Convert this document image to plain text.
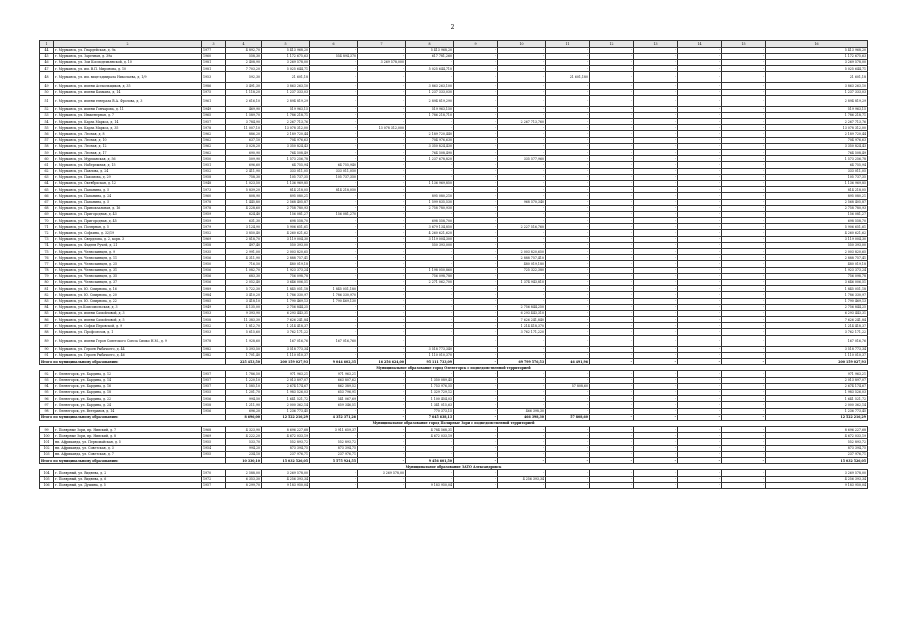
2
1	2	3	4	5	6	7	8	9	10	11	12	13	14	15	16
44	г. Мурманск, ул. Гвардейская, д. 9а	1977	4 892,70	5 413 968,20	-	-	5 413 968,20	-	-	-	-	-	-	-	5 413 968,20
45	г. Мурманск, ул. Заречная, д. 39а	1960	558,30	1 172 675,63	554 894,370	-	617 781,260	-	-	-	-	-	-	-	1 172 675,63
46	г. Мурманск, ул. Зои Космодемьянской, д. 10	1981	2 408,90	3 269 578,00	-	3 269 578,000	-	-	-	-	-	-	-	-	3 269 578,00
47	г. Мурманск, ул. им. В.П. Миронова, д. 10	1981	7 703,20	5 025 644,71	-	-	5 025 644,710	-	-	-	-	-	-	-	5 025 644,71
48	г. Мурманск, ул. им. вице-адмирала Николаева, д. 1/9	1953	592,30	21 601,18	-	-	-	-	-	21 601,180	-	-	-	-	21 601,18
49	г. Мурманск, ул. имени Асекольщиков, д. 35	1986	3 491,30	3 863 263,10	-	-	3 863 263,100	-	-	-	-	-	-	-	3 863 263,10
50	г. Мурманск, ул. имени Бахмана, д. 14	1975	1 118,20	1 237 333,03	-	-	1 237 333,030	-	-	-	-	-	-	-	1 237 333,03
51	г. Мурманск, ул. имени генерала В.А. Фролова, д. 3	1961	2 616,10	2 894 819,29	-	-	2 894 819,290	-	-	-	-	-	-	-	2 894 819,29
52	г. Мурманск, ул. имени Гончарова, д. 11	1949	469,90	519 963,15	-	-	519 963,150	-	-	-	-	-	-	-	519 963,15
53	г. Мурманск, ул. Инженерная, д. 7	1965	1 589,70	1 786 218,71	-	-	1 786 218,710	-	-	-	-	-	-	-	1 786 218,71
54	г. Мурманск, ул. Карла Маркса, д. 14	1957	3 784,90	2 267 713,76	-	-	-	-	2 267 713,760	-	-	-	-	-	2 267 713,76
55	г. Мурманск, ул. Карла Маркса, д. 35	1978	11 007,10	13 078 312,00	-	13 078 312,000	-	-	-	-	-	-	-	-	13 078 312,00
56	г. Мурманск, ул. Лесная, д. 8	1962	886,20	2 189 720,44	-	-	2 189 720,440	-	-	-	-	-	-	-	2 189 720,44
57	г. Мурманск, ул. Лесная, д. 10	1962	637,10	704 976,63	-	-	704 976,630	-	-	-	-	-	-	-	704 976,63
58	г. Мурманск, ул. Лесная, д. 12	1962	3 028,20	3 350 824,43	-	-	3 350 824,430	-	-	-	-	-	-	-	3 350 824,43
59	г. Мурманск, ул. Лесная, д. 17	1962	690,90	764 508,49	-	-	764 508,490	-	-	-	-	-	-	-	764 508,49
60	г. Мурманск, ул. Мурманская, д. 56	1950	509,90	1 573 256,78	-	-	1 237 678,820	-	335 577,960	-	-	-	-	-	1 573 256,78
61	г. Мурманск, ул. Набережная, д. 15	1951	696,60	64 755,94	64 755,940	-	-	-	-	-	-	-	-	-	64 755,94
62	г. Мурманск, ул. Павлова, д. 24	1952	2 411,90	333 011,05	333 011,050	-	-	-	-	-	-	-	-	-	333 011,05
63	г. Мурманск, ул. Пахомова, д. 29	1958	758,30	105 737,35	105 737,350	-	-	-	-	-	-	-	-	-	105 737,35
64	г. Мурманск, ул. Октябрьская, д. 12	1948	1 023,50	1 136 969,85	-	-	1 136 969,850	-	-	-	-	-	-	-	1 136 969,85
65	г. Мурманск, ул. Папанина, д. 5	1973	5 839,20	814 218,05	814 218,050	-	-	-	-	-	-	-	-	-	814 218,05
66	г. Мурманск, ул. Папанина, д. 24	1960	808,90	895 080,21	-	-	895 080,210	-	-	-	-	-	-	-	895 080,21
67	г. Мурманск, ул. Папанина, д. 5	1978	1 445,80	2 568 405,87	-	-	1 599 835,530	-	968 570,340	-	-	-	-	-	2 568 405,87
68	г. Мурманск, ул. Привокзальная, д. 16	1978	4 228,60	2 758 780,93	-	-	2 758 780,930	-	-	-	-	-	-	-	2 758 780,93
69	г. Мурманск, ул. Пригородная, д. 43	1959	624,40	156 081,27	156 081,270	-	-	-	-	-	-	-	-	-	156 081,27
70	г. Мурманск, ул. Пригородная, д. 45	1959	631,30	698 558,70	-	-	698 558,700	-	-	-	-	-	-	-	698 558,70
71	г. Мурманск, ул. Полярная, д. 5	1979	3 124,90	5 906 651,61	-	-	3 679 134,850	-	2 227 516,760	-	-	-	-	-	5 906 651,61
72	г. Мурманск, ул. Софьина, д. 32/19	1952	3 850,40	4 260 621,62	-	-	4 260 621,620	-	-	-	-	-	-	-	4 260 621,62
73	г. Мурманск, ул. Свердлова, д. 2, корп. 3	1969	2 818,70	3 119 004,30	-	-	3 119 004,300	-	-	-	-	-	-	-	3 119 004,30
74	г. Мурманск, ул. Фадеев Ручей, д. 21	1958	497,40	550 393,00	-	-	550 393,000	-	-	-	-	-	-	-	550 393,00
75	г. Мурманск, ул. Челюскинцев, д. 9	1935	2 991,00	2 003 820,65	-	-	-	-	2 003 820,650	-	-	-	-	-	2 003 820,65
76	г. Мурманск, ул. Челюскинцев, д. 11	1956	4 311,90	2 888 757,41	-	-	-	-	2 888 757,410	-	-	-	-	-	2 888 757,41
77	г. Мурманск, ул. Челюскинцев, д. 25	1950	716,50	480 019,18	-	-	-	-	480 019,180	-	-	-	-	-	480 019,18
78	г. Мурманск, ул. Челюскинцев, д. 31	1956	1 082,70	1 923 373,24	-	-	1 198 050,860	-	725 322,380	-	-	-	-	-	1 923 373,24
79	г. Мурманск, ул. Челюскинцев, д. 35	1956	683,30	756 098,78	-	-	756 098,780	-	-	-	-	-	-	-	756 098,78
80	г. Мурманск, ул. Челюскинцев, д. 37	1956	2 052,40	3 646 006,51	-	-	2 271 062,700	-	1 374 943,810	-	-	-	-	-	3 646 006,51
81	г. Мурманск, ул. Ю. Смирнова, д. 16	1989	5 722,30	1 845 051,18	1 845 051,180	-	-	-	-	-	-	-	-	-	1 845 051,18
82	г. Мурманск, ул. Ю. Смирнова, д. 20	1984	3 410,20	1 786 330,97	1 786 330,970	-	-	-	-	-	-	-	-	-	1 786 330,97
83	г. Мурманск, ул. Ю. Смирнова, д. 22	1985	3 418,10	1 790 469,13	1 790 469,130	-	-	-	-	-	-	-	-	-	1 790 469,13
84	г. Мурманск, ул.Комсомольская, д. 3	1949	4 135,00	2 756 844,25	-	-	-	-	2 756 844,250	-	-	-	-	-	2 756 844,25
85	г. Мурманск, ул. имени Самойловой, д. 3	1953	9 393,90	6 293 443,31	-	-	-	-	6 293 443,310	-	-	-	-	-	6 293 443,31
86	г. Мурманск, ул. имени Самойловой, д. 5	1958	11 383,30	7 626 241,84	-	-	-	-	7 626 241,840	-	-	-	-	-	7 626 241,84
87	г. Мурманск, ул. Софьи Перовской, д. 9	1952	1 812,70	1 214 418,37	-	-	-	-	1 214 418,370	-	-	-	-	-	1 214 418,37
88	г. Мурманск, ул. Профсоюзов, д. 1	1953	5 615,60	3 762 171,22	-	-	-	-	3 762 171,220	-	-	-	-	-	3 762 171,22
89	г. Мурманск, ул. имени Героя Советского Союза Симко Н.М., д. 9	1978	1 928,60	167 016,76	167 016,760	-	-	-	-	-	-	-	-	-	167 016,76
90	г. Мурманск, ул. Героев Рыбачьего, д. 44	1982	5 393,50	3 518 773,34	-	-	3 518 773,340	-	-	-	-	-	-	-	3 518 773,34
91	г. Мурманск, ул. Героев Рыбачьего, д. 46	1982	1 701,40	1 110 010,37	-	-	1 110 010,370	-	-	-	-	-	-	-	1 110 010,37
Итого по муниципальному образованию:			225 453,50	200 159 027,93	9 044 602,35	16 256 624,00	95 111 733,09	-	69 799 576,53	46 491,96	-	-	-	-	200 159 027,93
Муниципальное образование город Оленегорск с подведомственной территорией															
92	г. Оленегорск, ул. Бардина, д. 12	1957	1 786,50	971 963,21	971 963,21	-	-	-	-	-	-	-	-	-	971 963,21
93	г. Оленегорск, ул. Бардина, д. 14	1957	1 220,10	2 013 897,07	663 807,62	-	1 350 089,45	-	-	-	-	-	-	-	2 013 897,07
94	г. Оленегорск, ул. Бардина, д. 16	1957	1 585,10	2 674 174,67	862 389,52	-	1 753 976,55	-	-	57 808,60	-	-	-	-	2 674 174,67
95	г. Оленегорск, ул. Бардина, д. 18	1955	1 201,70	1 983 526,03	653 796,91	-	1 329 729,12	-	-	-	-	-	-	-	1 983 526,03
96	г. Оленегорск, ул. Бардина, д. 22	1956	994,50	1 641 521,72	541 067,69	-	1 100 454,03	-	-	-	-	-	-	-	1 641 521,72
97	г. Оленегорск, ул. Бардина, д. 24	1958	1 211,90	2 000 362,14	659 346,51	-	1 341 015,63	-	-	-	-	-	-	-	2 000 362,14
98	г. Оленегорск, ул. Ветеранов, д. 14	1956	696,20	1 236 773,45	-	-	770 373,15	-	466 398,30	-	-	-	-	-	1 236 773,45
Итого по муниципальному образованию:			8 696,00	12 522 216,29	4 352 371,26	-	7 645 638,13	-	466 398,30	57 808,60	-	-	-	-	12 522 216,29
Муниципальное образование город Полярные Зори с подведомственной территорией															
99	г. Полярные Зори, пр. Нивский, д. 7	1968	4 323,90	8 696 227,68	3 911 659,37	-	4 784 568,31	-	-	-	-	-	-	-	8 696 227,68
100	г. Полярные Зори, пр. Нивский, д. 8	1969	4 222,20	4 672 033,19	-	-	4 672 033,19	-	-	-	-	-	-	-	4 672 033,19
101	нп. Африканда, ул. Первомайская, д. 5	1955	533,70	552 893,72	552 893,72	-	-	-	-	-	-	-	-	-	552 893,72
102	нп. Африканда, ул. Советская, д. 3	1954	994,20	873 394,75	873 394,75	-	-	-	-	-	-	-	-	-	873 394,75
103	нп. Африканда, ул. Советская, д. 7	1955	234,10	237 976,71	237 976,71	-	-	-	-	-	-	-	-	-	237 976,71
Итого по муниципальному образованию:			10 330,10	15 032 526,05	5 575 924,55	-	9 456 601,50	-	-	-	-	-	-	-	15 032 526,05
Муниципальное образование ЗАТО Александровск															
104	г. Полярный, ул. Видяева, д. 2	1970	2 588,00	3 269 578,00	-	3 269 578,00	-	-	-	-	-	-	-	-	3 269 578,00
105	г. Полярный, ул. Видяева, д. 6	1972	6 353,30	4 256 393,34	-	-	-	-	4 256 393,34	-	-	-	-	-	4 256 393,34
106	г. Полярный, ул. Душина, д. 5	1957	8 299,70	9 183 950,04	-	-	9 183 950,04	-	-	-	-	-	-	-	9 183 950,04
